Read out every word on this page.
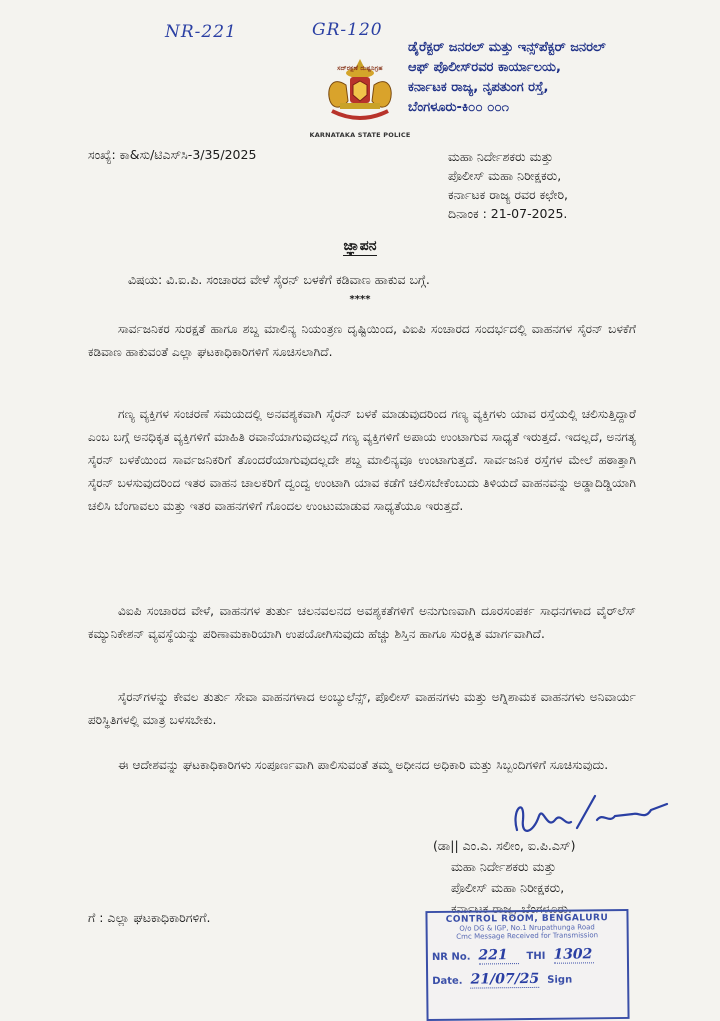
NR-221	GR-120
ಸದ್‌ರಕ್ಷಣೆ ದುಷ್ಟನಿಗ್ರಹ
KARNATAKA STATE POLICE
ಡೈರೆಕ್ಟರ್ ಜನರಲ್ ಮತ್ತು ಇನ್ಸ್‌ಪೆಕ್ಟರ್ ಜನರಲ್
ಆಫ್ ಪೊಲೀಸ್‌ರವರ ಕಾರ್ಯಾಲಯ,
ಕರ್ನಾಟಕ ರಾಜ್ಯ, ನೃಪತುಂಗ ರಸ್ತೆ,
ಬೆಂಗಳೂರು-ಕಿ೦೦ ೦೦೧
ಸಂಖ್ಯೆ: ಕಾ&ಸು/ಟಿಎಸ್‌ಸಿ-3/35/2025	ಮಹಾ ನಿರ್ದೇಶಕರು ಮತ್ತು
ಪೊಲೀಸ್ ಮಹಾ ನಿರೀಕ್ಷಕರು,
ಕರ್ನಾಟಕ ರಾಜ್ಯ ರವರ ಕಛೇರಿ,
ದಿನಾಂಕ : 21-07-2025.
ಜ್ಞಾಪನ
ವಿಷಯ: ವಿ.ಐ.ಪಿ. ಸಂಚಾರದ ವೇಳೆ ಸೈರನ್ ಬಳಕೆಗೆ ಕಡಿವಾಣ ಹಾಕುವ ಬಗ್ಗೆ.
****

ಸಾರ್ವಜನಿಕರ ಸುರಕ್ಷತೆ ಹಾಗೂ ಶಬ್ದ ಮಾಲಿನ್ಯ ನಿಯಂತ್ರಣ ದೃಷ್ಟಿಯಿಂದ, ವಿಐಪಿ ಸಂಚಾರದ ಸಂದರ್ಭದಲ್ಲಿ ವಾಹನಗಳ ಸೈರನ್ ಬಳಕೆಗೆ ಕಡಿವಾಣ ಹಾಕುವಂತೆ ಎಲ್ಲಾ ಘಟಕಾಧಿಕಾರಿಗಳಿಗೆ ಸೂಚಿಸಲಾಗಿದೆ.

ಗಣ್ಯ ವ್ಯಕ್ತಿಗಳ ಸಂಚರಣೆ ಸಮಯದಲ್ಲಿ ಅನವಶ್ಯಕವಾಗಿ ಸೈರನ್ ಬಳಕೆ ಮಾಡುವುದರಿಂದ ಗಣ್ಯ ವ್ಯಕ್ತಿಗಳು ಯಾವ ರಸ್ತೆಯಲ್ಲಿ ಚಲಿಸುತ್ತಿದ್ದಾರೆ ಎಂಬ ಬಗ್ಗೆ ಅನಧಿಕೃತ ವ್ಯಕ್ತಿಗಳಿಗೆ ಮಾಹಿತಿ ರವಾನೆಯಾಗುವುದಲ್ಲದೆ ಗಣ್ಯ ವ್ಯಕ್ತಿಗಳಿಗೆ ಅಪಾಯ ಉಂಟಾಗುವ ಸಾಧ್ಯತೆ ಇರುತ್ತದೆ. ಇದಲ್ಲದೆ, ಅನಗತ್ಯ ಸೈರನ್ ಬಳಕೆಯಿಂದ ಸಾರ್ವಜನಿಕರಿಗೆ ತೊಂದರೆಯಾಗುವುದಲ್ಲದೇ ಶಬ್ದ ಮಾಲಿನ್ಯವೂ ಉಂಟಾಗುತ್ತದೆ. ಸಾರ್ವಜನಿಕ ರಸ್ತೆಗಳ ಮೇಲೆ ಹಠಾತ್ತಾಗಿ ಸೈರನ್ ಬಳಸುವುದರಿಂದ ಇತರ ವಾಹನ ಚಾಲಕರಿಗೆ ದ್ವಂದ್ವ ಉಂಟಾಗಿ ಯಾವ ಕಡೆಗೆ ಚಲಿಸಬೇಕೆಂಬುದು ತಿಳಿಯದೆ ವಾಹನವನ್ನು ಅಡ್ಡಾದಿಡ್ಡಿಯಾಗಿ ಚಲಿಸಿ ಬೆಂಗಾವಲು ಮತ್ತು ಇತರ ವಾಹನಗಳಿಗೆ ಗೊಂದಲ ಉಂಟುಮಾಡುವ ಸಾಧ್ಯತೆಯೂ ಇರುತ್ತದೆ.

ವಿಐಪಿ ಸಂಚಾರದ ವೇಳೆ, ವಾಹನಗಳ ತುರ್ತು ಚಲನವಲನದ ಅವಶ್ಯಕತೆಗಳಿಗೆ ಅನುಗುಣವಾಗಿ ದೂರಸಂಪರ್ಕ ಸಾಧನಗಳಾದ ವೈರ್‌ಲೆಸ್ ಕಮ್ಯುನಿಕೇಶನ್ ವ್ಯವಸ್ಥೆಯನ್ನು ಪರಿಣಾಮಕಾರಿಯಾಗಿ ಉಪಯೋಗಿಸುವುದು ಹೆಚ್ಚು ಶಿಸ್ತಿನ ಹಾಗೂ ಸುರಕ್ಷಿತ ಮಾರ್ಗವಾಗಿದೆ.

ಸೈರನ್‌ಗಳನ್ನು ಕೇವಲ ತುರ್ತು ಸೇವಾ ವಾಹನಗಳಾದ ಅಂಬ್ಯುಲೆನ್ಸ್, ಪೊಲೀಸ್ ವಾಹನಗಳು ಮತ್ತು ಅಗ್ನಿಶಾಮಕ ವಾಹನಗಳು ಅನಿವಾರ್ಯ ಪರಿಸ್ಥಿತಿಗಳಲ್ಲಿ ಮಾತ್ರ ಬಳಸಬೇಕು.

ಈ ಆದೇಶವನ್ನು ಘಟಕಾಧಿಕಾರಿಗಳು ಸಂಪೂರ್ಣವಾಗಿ ಪಾಲಿಸುವಂತೆ ತಮ್ಮ ಅಧೀನದ ಅಧಿಕಾರಿ ಮತ್ತು ಸಿಬ್ಬಂದಿಗಳಿಗೆ ಸೂಚಿಸುವುದು.

(ಡಾ|| ಎಂ.ಎ. ಸಲೀಂ, ಐ.ಪಿ.ಎಸ್)
ಮಹಾ ನಿರ್ದೇಶಕರು ಮತ್ತು
ಪೊಲೀಸ್ ಮಹಾ ನಿರೀಕ್ಷಕರು,
ಕರ್ನಾಟಕ ರಾಜ್ಯ, ಬೆಂಗಳೂರು.
ಗೆ : ಎಲ್ಲಾ ಘಟಕಾಧಿಕಾರಿಗಳಿಗೆ.	CONTROL ROOM, BENGALURU
O/o DG & IGP, No.1 Nrupathunga Road
Cmc Message Received for Transmission
NR No. 221	THI 1302
Date. 21/07/25 Sign
